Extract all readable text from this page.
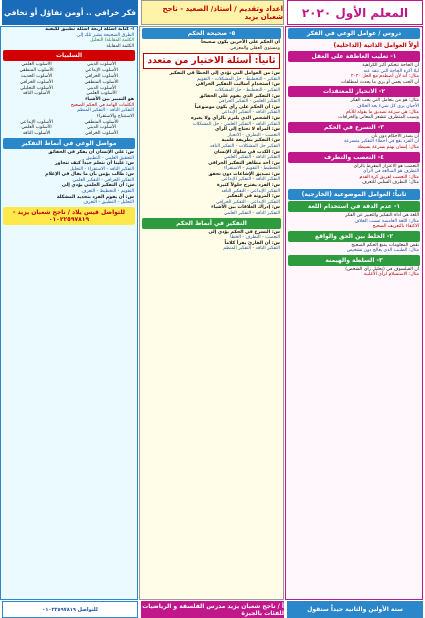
المعلم الأول ٢٠٢٠
اعداد وتقديم / أستاذ/ الصعيد - ناجح شعبان يزيد
فكر خرافي .. أومن تفاؤل أو تخافي
دروس / عوامل الوعي في الفكر
أولاً العوامل الذاتية (الداخلية)
١- تغليب العاطفة على العقل
أن الحاجة تتحكم أكبر الكراهية
ليلا أكره الحاجة التي تنقد عنه
مثال: أنه لأن أصطدم مع الحل ٢٠٢٠
أن الحب يعمي أو يرى ما يحدث لمطلقات
٢- الانحياز للمعتقدات
مثال: هو من يتعامل التي يحب الفكر
الأحيان يرى كل شيء بعد الخلاف
مثال: هي سرعة تصديق ما يقوله للأيام
وسيب المتطرف تتشعر المعاني والخرافات
٣- التسرع في الحكم
أن يصدر الأحكام دون تأن
أن الفرد يقع في أخطاء التفكير متسرعة
مثال: إنسان يهتم بسرعة بسيطة
٤- التعصب والتطرف
التعصب هو الاعتزاز المفرط بالرأي
التطرف هو المبالغة في الرأي
مثال: التعصب لفريق كرة القدم
مثال: التطرف السلبي للتعرف
ثانياً: العوامل الموضوعية (الخارجية)
١- عدم الدقة في استخدام اللغة
اللغة هي أداة التفكير والتعبير عن الفكر
مثال: اللغة الغامضة تسبب الخلاف
الاكتفاء بالتعريف الصحيح
٢- الخلط بين الحق والواقع
نقص المعلومات يمنع الحكم الصحيح
مثال: الطبيب الذي يعالج دون تشخيص
٣- السلطة والهيمنة
أن الفيلسوف في (تحليل رأي الشخص)
مثال: الاستسلام لرأي الأغلبية
٥- صحيحة الحكم
أن الحكم على الآخرين يكون صحيحاً
ومستوى العقلي والمعرفي
ثانياً: أسئلة الاختيار من متعدد
س: من العوامل التي تؤدي إلى الخطأ في التفكير
التفكير - التخطيط - حل المشكلات - التقويم
س: استخدام أساليب التفكير الخرافي
التفكير - التخطيط - حل المشكلات
س: التفكير الذي يقوم على الحقائق
التفكير العلمي - التفكير الخرافي
س: أن الحكم على رأي يكون موضوعياً
التفكير الناقد - التفكير الإبداعي
س: الشخص الذي يلتزم بالرأي ولا يغيره
التفكير الناقد - التفكير العلمي - حل المشكلات
س: المرأة لا تحتاج إلى الرأي
التعصب - التطرف - الانحياز
س: التفكير بطريقة علمية
التفكير حل المشكلات - التفكير الناقد
س: الكذب في سلوك الإنسان
التفكير الناقد - التفكير العلمي
س: أحد مظاهر التفكير الخرافي
التخطيط - التقويم - الاستقراء
س: تصديق الإشاعات دون تحقق
التفكير الناقد - التفكير الإبداعي
س: الفرد يقترح حلولاً كثيرة
التفكير الإبداعي - التفكير الناقد
س: المرونة في التفكير
التفكير الإبداعي - التفكير الخرافي
س: إدراك العلاقات بين الأشياء
التفكير الناقد - التفكير العلمي
التفكير في أنماط الحكم
س: التسرع في الحكم يؤدي إلى
التعصب - التطرف - الخطأ
س: أن القارئ يقرأ كلاماً
التفكير الناقد - التفكير المنظم
أ- كتابة أسئلة أربعة أسئلة تطبيق لكيفية
الطرق الصحيحة يشير تلك إلى
الكلمة المقابلة/ التحليل
الكلمة المقابلة
السلبيات
الأسلوب الديني
الأسلوب العلمي
الأسلوب الإبداعي
الأسلوب المنطقي
الأسلوب الخرافي
الأسلوب الحديث
الأسلوب المنطقي
الأسلوب الخرافي
الأسلوب الديني
الأسلوب التحليلي
الأسلوب العلمي
الأسلوب الناقد
هو التمييز بين الأشياء
الكلمات الهامة في الحكم الصحيح
التفكير الناقد - التفكير المنظم
الاستنتاج والاستقراء
الأسلوب المنطقي
الأسلوب الإبداعي
الأسلوب الديني
الأسلوب العلمي
الأسلوب الخرافي
الأسلوب الناقد
مواصل الوعي في أنماط التفكير
س: على الإنسان أن يفكر في الحقائق
التحقيق العلمي - التطبيق
س: علينا أن نتعلم جيداً كيف نتحاور
التفكير الناقد - الاستقراء - التحليل
س: طالب يؤمن بأن ما يقال في الإعلام
التفكير الخرافي - التفكير العلمي
س: أن التفكير العلمي يؤدي إلى
التقويم - التخطيط - التعرف
س: أن يقوم الفرد بتحديد المشكلة
التحليل - التطبيق - التعرف
للتواصل قيس يلاد / ناجح شعبان يزيد - ٠١٠٢٢٥٩٧٨١٩
ستة الأولين والثانية جيداً ستقول
أ / ناجح شعبان يزيد مدرس الفلسفة و الرياضيات للفئات بالجيزة
للتواصل ٠١٠٢٢٥٩٧٨١٩
